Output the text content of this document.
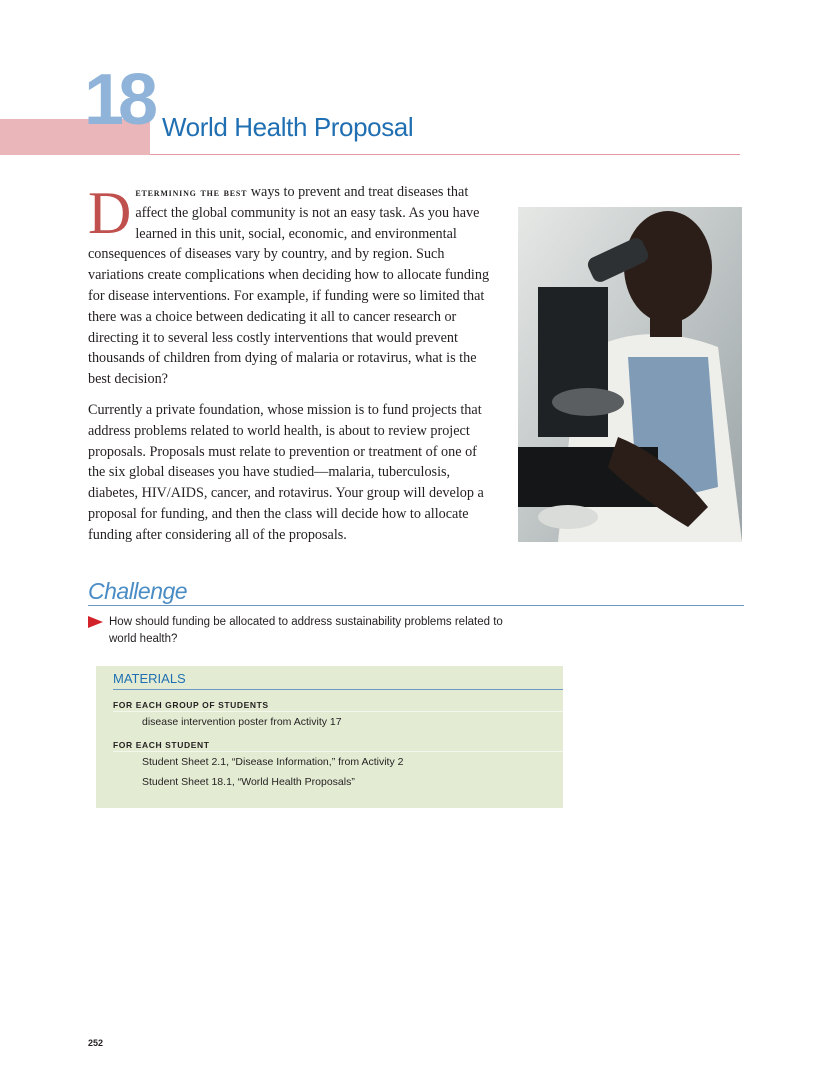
18 World Health Proposal

Determining the best ways to prevent and treat diseases that affect the global community is not an easy task. As you have learned in this unit, social, economic, and environmental consequences of diseases vary by country, and by region. Such variations create complications when deciding how to allocate funding for disease interventions. For example, if funding were so limited that there was a choice between dedicating it all to cancer research or directing it to several less costly interventions that would prevent thousands of children from dying of malaria or rotavirus, what is the best decision?

Currently a private foundation, whose mission is to fund projects that address problems related to world health, is about to review project proposals. Proposals must relate to prevention or treatment of one of the six global diseases you have studied—malaria, tuberculosis, diabetes, HIV/AIDS, cancer, and rotavirus. Your group will develop a proposal for funding, and then the class will decide how to allocate funding after considering all of the proposals.

Challenge
How should funding be allocated to address sustainability problems related to
world health?
MATERIALS
FOR EACH GROUP OF STUDENTS
disease intervention poster from Activity 17
FOR EACH STUDENT
Student Sheet 2.1, “Disease Information,” from Activity 2
Student Sheet 18.1, “World Health Proposals”
252
